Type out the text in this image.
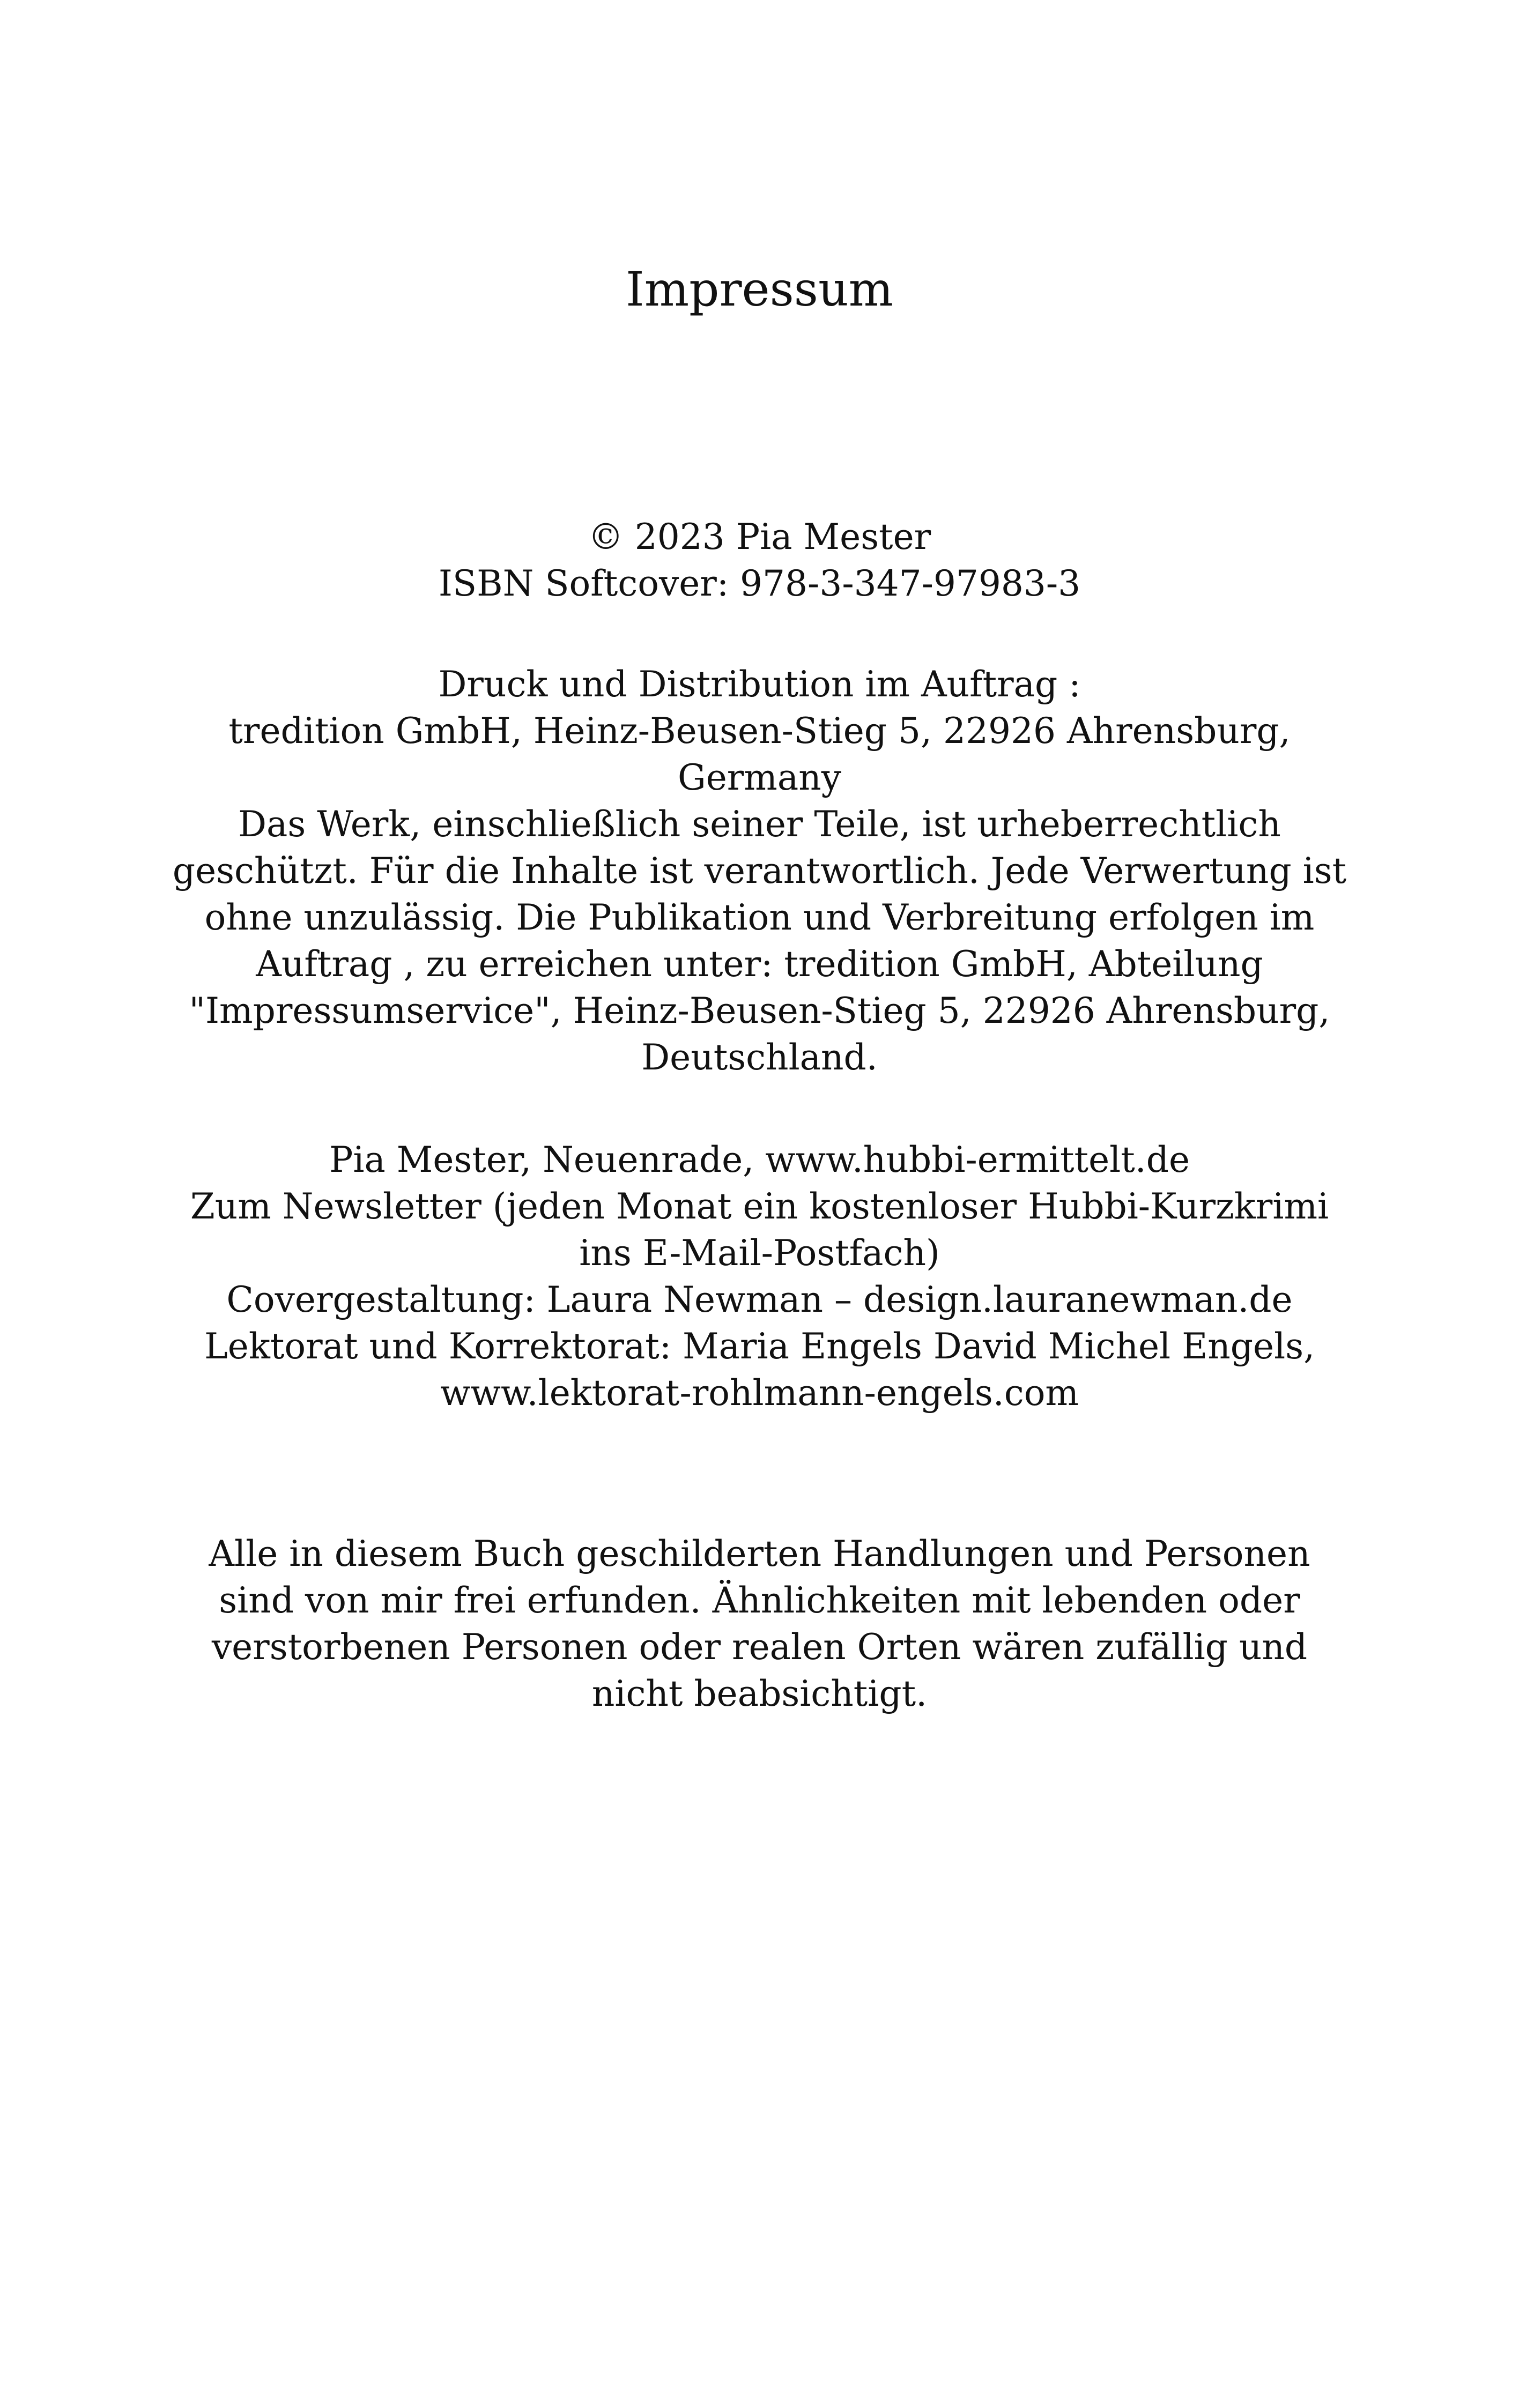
Impressum

© 2023 Pia Mester
ISBN Softcover: 978-3-347-97983-3

Druck und Distribution im Auftrag :
tredition GmbH, Heinz-Beusen-Stieg 5, 22926 Ahrensburg,
Germany
Das Werk, einschließlich seiner Teile, ist urheberrechtlich
geschützt. Für die Inhalte ist verantwortlich. Jede Verwertung ist
ohne unzulässig. Die Publikation und Verbreitung erfolgen im
Auftrag , zu erreichen unter: tredition GmbH, Abteilung
"Impressumservice", Heinz-Beusen-Stieg 5, 22926 Ahrensburg,
Deutschland.

Pia Mester, Neuenrade, www.hubbi-ermittelt.de
Zum Newsletter (jeden Monat ein kostenloser Hubbi-Kurzkrimi
ins E-Mail-Postfach)
Covergestaltung: Laura Newman – design.lauranewman.de
Lektorat und Korrektorat: Maria Engels David Michel Engels,
www.lektorat-rohlmann-engels.com

Alle in diesem Buch geschilderten Handlungen und Personen
sind von mir frei erfunden. Ähnlichkeiten mit lebenden oder
verstorbenen Personen oder realen Orten wären zufällig und
nicht beabsichtigt.
